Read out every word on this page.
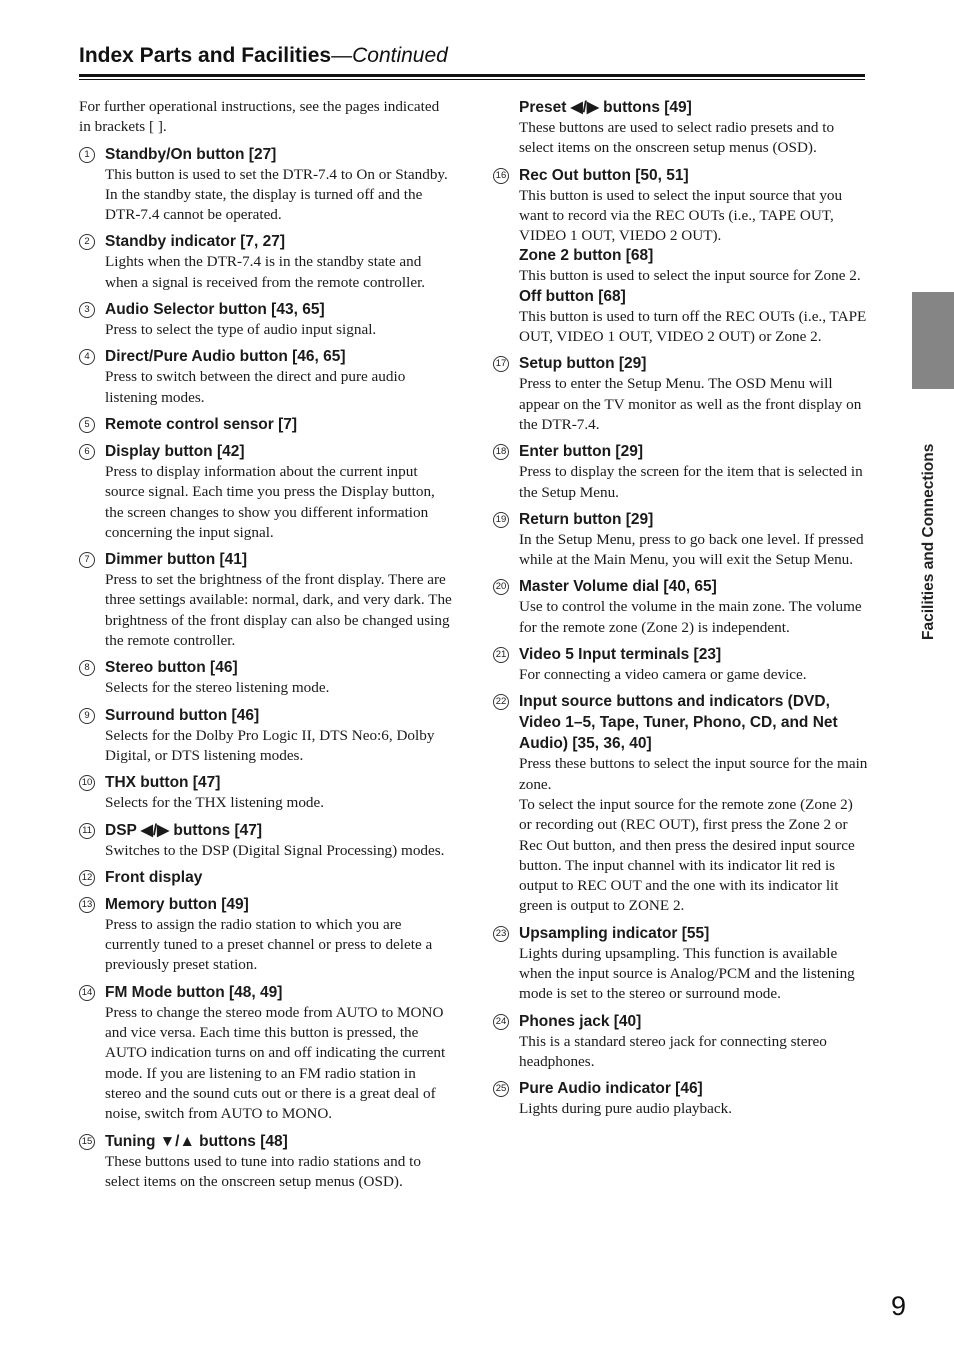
Index Parts and Facilities—Continued

For further operational instructions, see the pages indicated in brackets [ ].

1 Standby/On button [27]
This button is used to set the DTR-7.4 to On or Standby. In the standby state, the display is turned off and the DTR-7.4 cannot be operated.
2 Standby indicator [7, 27]
Lights when the DTR-7.4 is in the standby state and when a signal is received from the remote controller.
3 Audio Selector button [43, 65]
Press to select the type of audio input signal.
4 Direct/Pure Audio button [46, 65]
Press to switch between the direct and pure audio listening modes.
5 Remote control sensor [7]
6 Display button [42]
Press to display information about the current input source signal. Each time you press the Display button, the screen changes to show you different information concerning the input signal.
7 Dimmer button [41]
Press to set the brightness of the front display. There are three settings available: normal, dark, and very dark. The brightness of the front display can also be changed using the remote controller.
8 Stereo button [46]
Selects for the stereo listening mode.
9 Surround button [46]
Selects for the Dolby Pro Logic II, DTS Neo:6, Dolby Digital, or DTS listening modes.
10 THX button [47]
Selects for the THX listening mode.
11 DSP ◀/▶ buttons [47]
Switches to the DSP (Digital Signal Processing) modes.
12 Front display
13 Memory button [49]
Press to assign the radio station to which you are currently tuned to a preset channel or press to delete a previously preset station.
14 FM Mode button [48, 49]
Press to change the stereo mode from AUTO to MONO and vice versa. Each time this button is pressed, the AUTO indication turns on and off indicating the current mode. If you are listening to an FM radio station in stereo and the sound cuts out or there is a great deal of noise, switch from AUTO to MONO.
15 Tuning ▼/▲ buttons [48]
These buttons used to tune into radio stations and to select items on the onscreen setup menus (OSD).
Preset ◀/▶ buttons [49]
These buttons are used to select radio presets and to select items on the onscreen setup menus (OSD).
16 Rec Out button [50, 51]
This button is used to select the input source that you want to record via the REC OUTs (i.e., TAPE OUT, VIDEO 1 OUT, VIEDO 2 OUT).
Zone 2 button [68]
This button is used to select the input source for Zone 2.
Off button [68]
This button is used to turn off the REC OUTs (i.e., TAPE OUT, VIDEO 1 OUT, VIDEO 2 OUT) or Zone 2.
17 Setup button [29]
Press to enter the Setup Menu. The OSD Menu will appear on the TV monitor as well as the front display on the DTR-7.4.
18 Enter button [29]
Press to display the screen for the item that is selected in the Setup Menu.
19 Return button [29]
In the Setup Menu, press to go back one level. If pressed while at the Main Menu, you will exit the Setup Menu.
20 Master Volume dial [40, 65]
Use to control the volume in the main zone. The volume for the remote zone (Zone 2) is independent.
21 Video 5 Input terminals [23]
For connecting a video camera or game device.
22 Input source buttons and indicators (DVD, Video 1–5, Tape, Tuner, Phono, CD, and Net Audio) [35, 36, 40]
Press these buttons to select the input source for the main zone.
To select the input source for the remote zone (Zone 2) or recording out (REC OUT), first press the Zone 2 or Rec Out button, and then press the desired input source button. The input channel with its indicator lit red is output to REC OUT and the one with its indicator lit green is output to ZONE 2.
23 Upsampling indicator [55]
Lights during upsampling. This function is available when the input source is Analog/PCM and the listening mode is set to the stereo or surround mode.
24 Phones jack [40]
This is a standard stereo jack for connecting stereo headphones.
25 Pure Audio indicator [46]
Lights during pure audio playback.
Facilities and Connections
9
